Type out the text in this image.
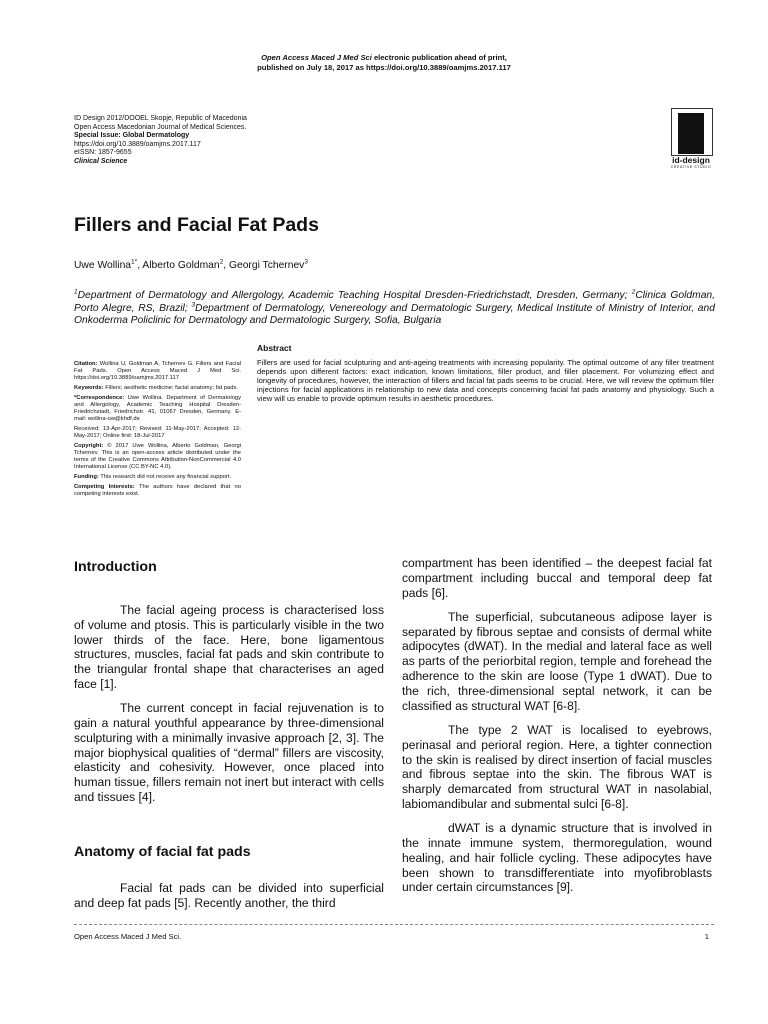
Open Access Maced J Med Sci electronic publication ahead of print,
published on July 18, 2017 as https://doi.org/10.3889/oamjms.2017.117
ID Design 2012/DOOEL Skopje, Republic of Macedonia
Open Access Macedonian Journal of Medical Sciences.
Special Issue: Global Dermatology
https://doi.org/10.3889/oamjms.2017.117
eISSN: 1857-9655
Clinical Science	id-design
CREATIVE STUDIO
Fillers and Facial Fat Pads
Uwe Wollina$^{1*}$, Alberto Goldman$^2$, Georgi Tchernev$^3$
$^1$Department of Dermatology and Allergology, Academic Teaching Hospital Dresden-Friedrichstadt, Dresden, Germany; $^2$Clinica Goldman, Porto Alegre, RS, Brazil; $^3$Department of Dermatology, Venereology and Dermatologic Surgery, Medical Institute of Ministry of Interior, and Onkoderma Policlinic for Dermatology and Dermatologic Surgery, Sofia, Bulgaria
Abstract
Fillers are used for facial sculpturing and anti-ageing treatments with increasing popularity. The optimal outcome of any filler treatment depends upon different factors: exact indication, known limitations, filler product, and filler placement. For volumizing effect and longevity of procedures, however, the interaction of fillers and facial fat pads seems to be crucial. Here, we will review the optimum filler injections for facial applications in relationship to new data and concepts concerning facial fat pads anatomy and physiology. Such a view will us enable to provide optimum results in aesthetic procedures.

Citation: Wollina U, Goldman A, Tchernev G. Fillers and Facial Fat Pads. Open Access Maced J Med Sci. https://doi.org/10.3889/oamjms.2017.117

Keywords: Fillers; aesthetic medicine; facial anatomy; fat pads.

*Correspondence: Uwe Wollina. Department of Dermatology and Allergology, Academic Teaching Hospital Dresden-Friedrichstadt, Friedrichstr. 41, 01067 Dresden, Germany. E-mail: wollina-uw@khdf.de

Received: 13-Apr-2017; Revised: 11-May-2017; Accepted: 12-May-2017; Online first: 18-Jul-2017

Copyright: © 2017 Uwe Wollina, Alberto Goldman, Georgi Tchernev. This is an open-access article distributed under the terms of the Creative Commons Attribution-NonCommercial 4.0 International License (CC BY-NC 4.0).

Funding: This research did not receive any financial support.

Competing Interests: The authors have declared that no competing interests exist.

Introduction

The facial ageing process is characterised loss of volume and ptosis. This is particularly visible in the two lower thirds of the face. Here, bone ligamentous structures, muscles, facial fat pads and skin contribute to the triangular frontal shape that characterises an aged face [1].

The current concept in facial rejuvenation is to gain a natural youthful appearance by three-dimensional sculpturing with a minimally invasive approach [2, 3]. The major biophysical qualities of “dermal” fillers are viscosity, elasticity and cohesivity. However, once placed into human tissue, fillers remain not inert but interact with cells and tissues [4].

Anatomy of facial fat pads

Facial fat pads can be divided into superficial and deep fat pads [5]. Recently another, the third

compartment has been identified – the deepest facial fat compartment including buccal and temporal deep fat pads [6].

The superficial, subcutaneous adipose layer is separated by fibrous septae and consists of dermal white adipocytes (dWAT). In the medial and lateral face as well as parts of the periorbital region, temple and forehead the adherence to the skin are loose (Type 1 dWAT). Due to the rich, three-dimensional septal network, it can be classified as structural WAT [6-8].

The type 2 WAT is localised to eyebrows, perinasal and perioral region. Here, a tighter connection to the skin is realised by direct insertion of facial muscles and fibrous septae into the skin. The fibrous WAT is sharply demarcated from structural WAT in nasolabial, labiomandibular and submental sulci [6-8].

dWAT is a dynamic structure that is involved in the innate immune system, thermoregulation, wound healing, and hair follicle cycling. These adipocytes have been shown to transdifferentiate into myofibroblasts under certain circumstances [9].

Open Access Maced J Med Sci.	1
